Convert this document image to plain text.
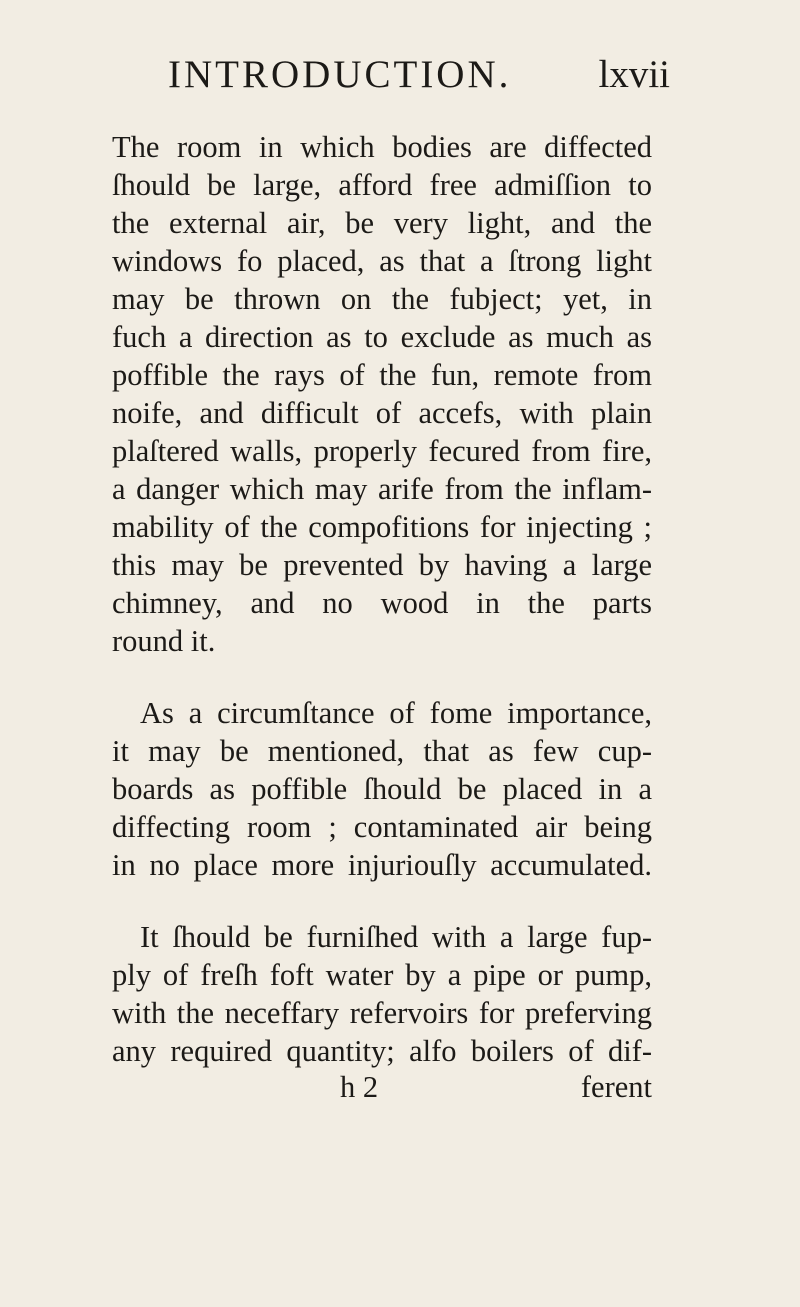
INTRODUCTION. lxvii
The room in which bodies are diffected
ſhould be large, afford free admiſſion to
the external air, be very light, and the
windows fo placed, as that a ſtrong light
may be thrown on the fubject; yet, in
fuch a direction as to exclude as much as
poffible the rays of the fun, remote from
noife, and difficult of accefs, with plain
plaſtered walls, properly fecured from fire,
a danger which may arife from the inflam-
mability of the compofitions for injecting ;
this may be prevented by having a large
chimney, and no wood in the parts
round it.
As a circumſtance of fome importance,
it may be mentioned, that as few cup-
boards as poffible ſhould be placed in a
diffecting room ; contaminated air being
in no place more injuriouſly accumulated.
It ſhould be furniſhed with a large fup-
ply of freſh foft water by a pipe or pump,
with the neceffary refervoirs for preferving
any required quantity; alfo boilers of dif-
h 2	ferent
